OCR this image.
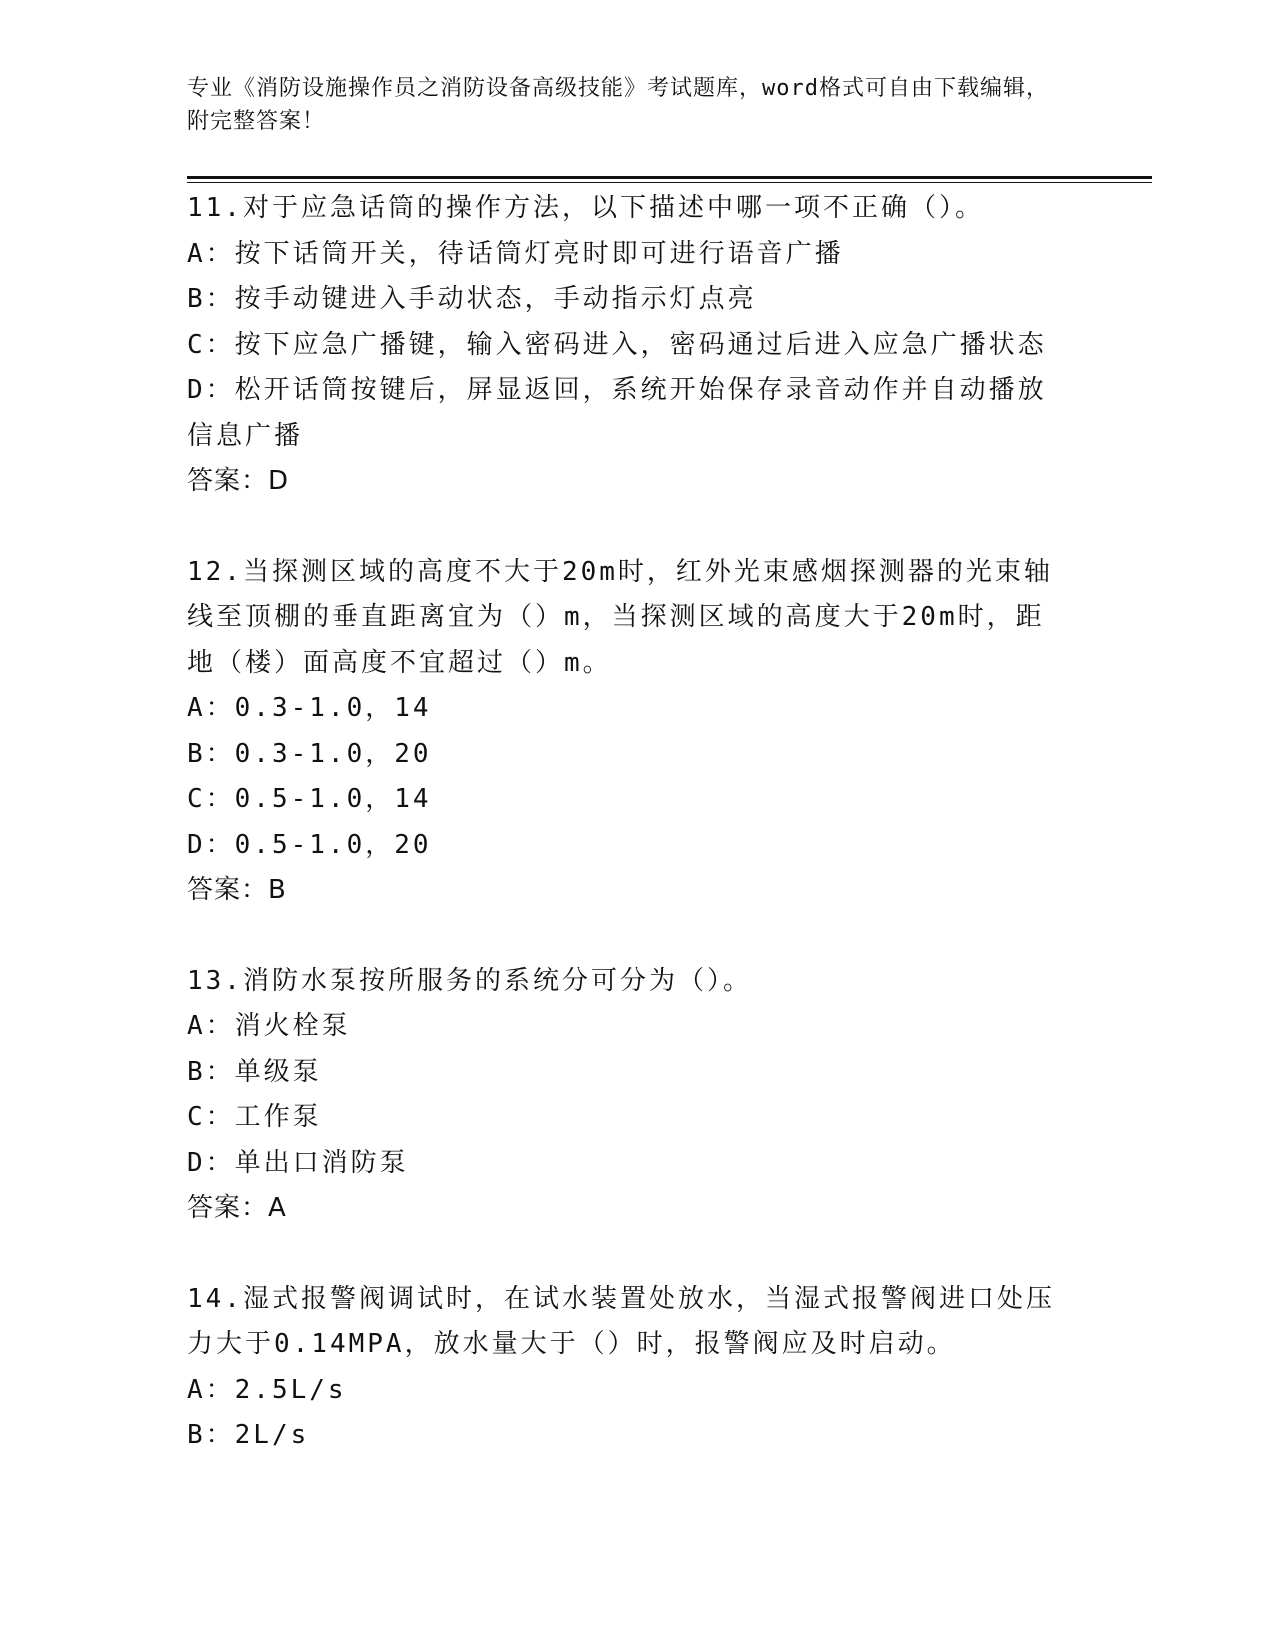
专业《消防设施操作员之消防设备高级技能》考试题库，word格式可自由下载编辑，附完整答案！
11.对于应急话筒的操作方法，以下描述中哪一项不正确（）。
A：按下话筒开关，待话筒灯亮时即可进行语音广播
B：按手动键进入手动状态，手动指示灯点亮
C：按下应急广播键，输入密码进入，密码通过后进入应急广播状态
D：松开话筒按键后，屏显返回，系统开始保存录音动作并自动播放信息广播
答案：D
12.当探测区域的高度不大于20m时，红外光束感烟探测器的光束轴线至顶棚的垂直距离宜为（）m，当探测区域的高度大于20m时，距地（楼）面高度不宜超过（）m。
A：0.3-1.0，14
B：0.3-1.0，20
C：0.5-1.0，14
D：0.5-1.0，20
答案：B
13.消防水泵按所服务的系统分可分为（）。
A：消火栓泵
B：单级泵
C：工作泵
D：单出口消防泵
答案：A
14.湿式报警阀调试时，在试水装置处放水，当湿式报警阀进口处压力大于0.14MPA，放水量大于（）时，报警阀应及时启动。
A：2.5L/s
B：2L/s
